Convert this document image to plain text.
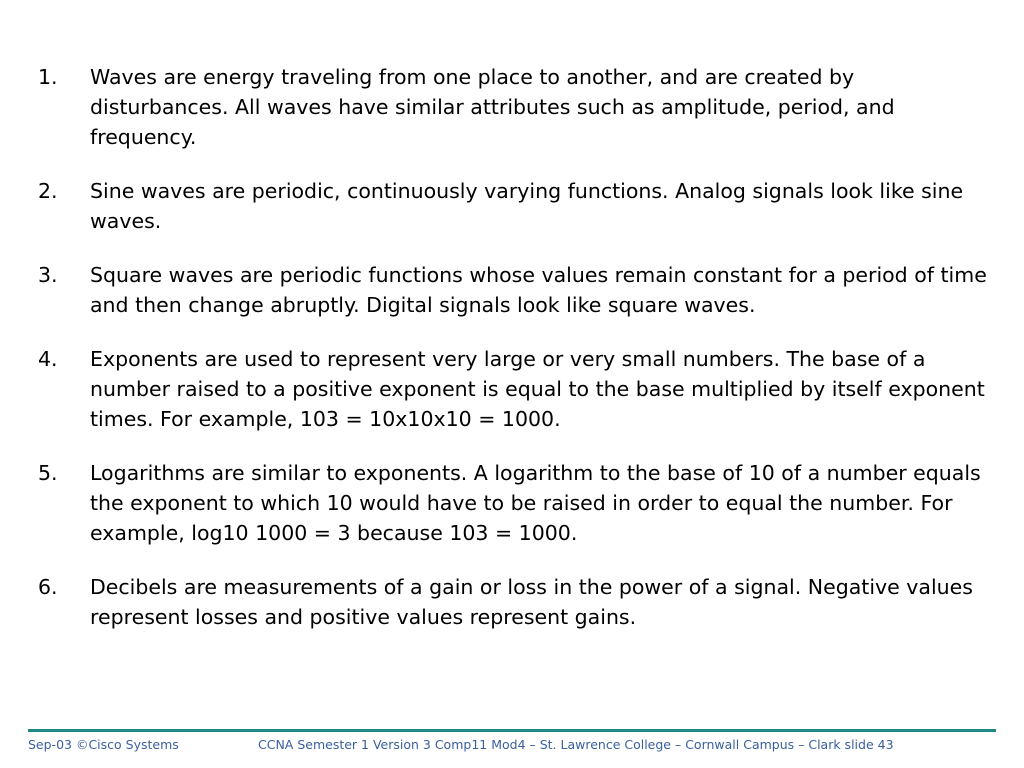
1.	Waves are energy traveling from one place to another, and are created by disturbances. All waves have similar attributes such as amplitude, period, and frequency.
2.	Sine waves are periodic, continuously varying functions. Analog signals look like sine waves.
3.	Square waves are periodic functions whose values remain constant for a period of time and then change abruptly. Digital signals look like square waves.
4.	Exponents are used to represent very large or very small numbers. The base of a number raised to a positive exponent is equal to the base multiplied by itself exponent times. For example, 103 = 10x10x10 = 1000.
5.	Logarithms are similar to exponents. A logarithm to the base of 10 of a number equals the exponent to which 10 would have to be raised in order to equal the number. For example, log10 1000 = 3 because 103 = 1000.
6.	Decibels are measurements of a gain or loss in the power of a signal. Negative values represent losses and positive values represent gains.
Sep-03 ©Cisco Systems	CCNA Semester 1 Version 3 Comp11 Mod4 – St. Lawrence College – Cornwall Campus – Clark slide 43
